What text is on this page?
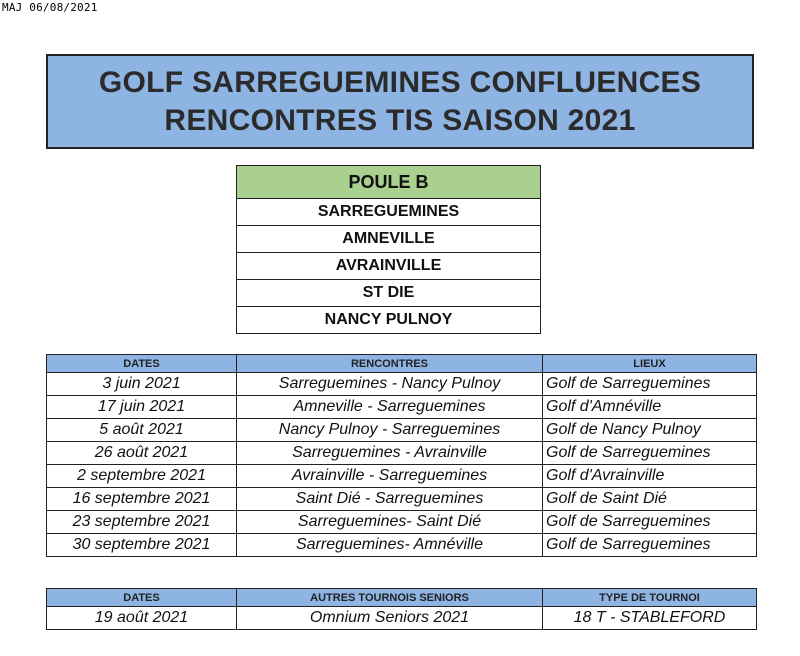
MAJ 06/08/2021
GOLF SARREGUEMINES CONFLUENCES
RENCONTRES TIS SAISON 2021
POULE B
SARREGUEMINES
AMNEVILLE
AVRAINVILLE
ST DIE
NANCY PULNOY
DATES	RENCONTRES	LIEUX
3 juin 2021	Sarreguemines - Nancy Pulnoy	Golf de Sarreguemines
17 juin 2021	Amneville - Sarreguemines	Golf d'Amnéville
5 août 2021	Nancy Pulnoy - Sarreguemines	Golf de Nancy Pulnoy
26 août 2021	Sarreguemines - Avrainville	Golf de Sarreguemines
2 septembre 2021	Avrainville - Sarreguemines	Golf d'Avrainville
16 septembre 2021	Saint Dié - Sarreguemines	Golf de Saint Dié
23 septembre 2021	Sarreguemines- Saint Dié	Golf de Sarreguemines
30 septembre 2021	Sarreguemines- Amnéville	Golf de Sarreguemines
DATES	AUTRES TOURNOIS SENIORS	TYPE DE TOURNOI
19 août 2021	Omnium Seniors 2021	18 T - STABLEFORD
